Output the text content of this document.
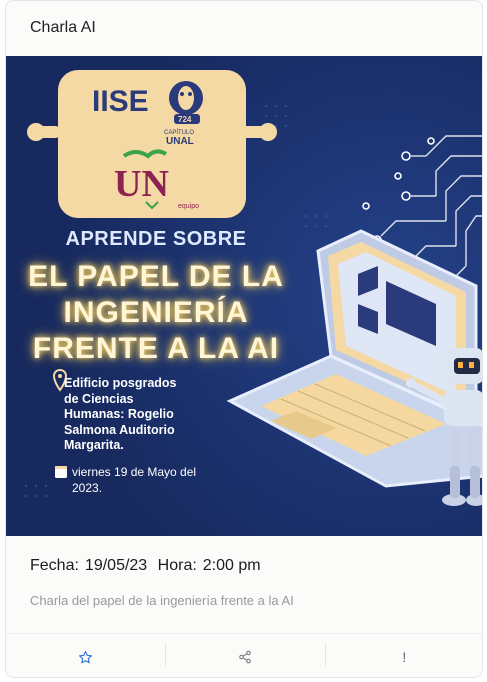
Charla AI
IISE
724
CAPÍTULO
UNAL
UN
equipo
APRENDE SOBRE
EL PAPEL DE LA
INGENIERÍA
FRENTE A LA AI
Edificio posgrados
de Ciencias
Humanas: Rogelio
Salmona Auditorio
Margarita.
viernes 19 de Mayo del
2023.
Fecha: 19/05/23 Hora: 2:00 pm
Charla del papel de la ingeniería frente a la AI
!
